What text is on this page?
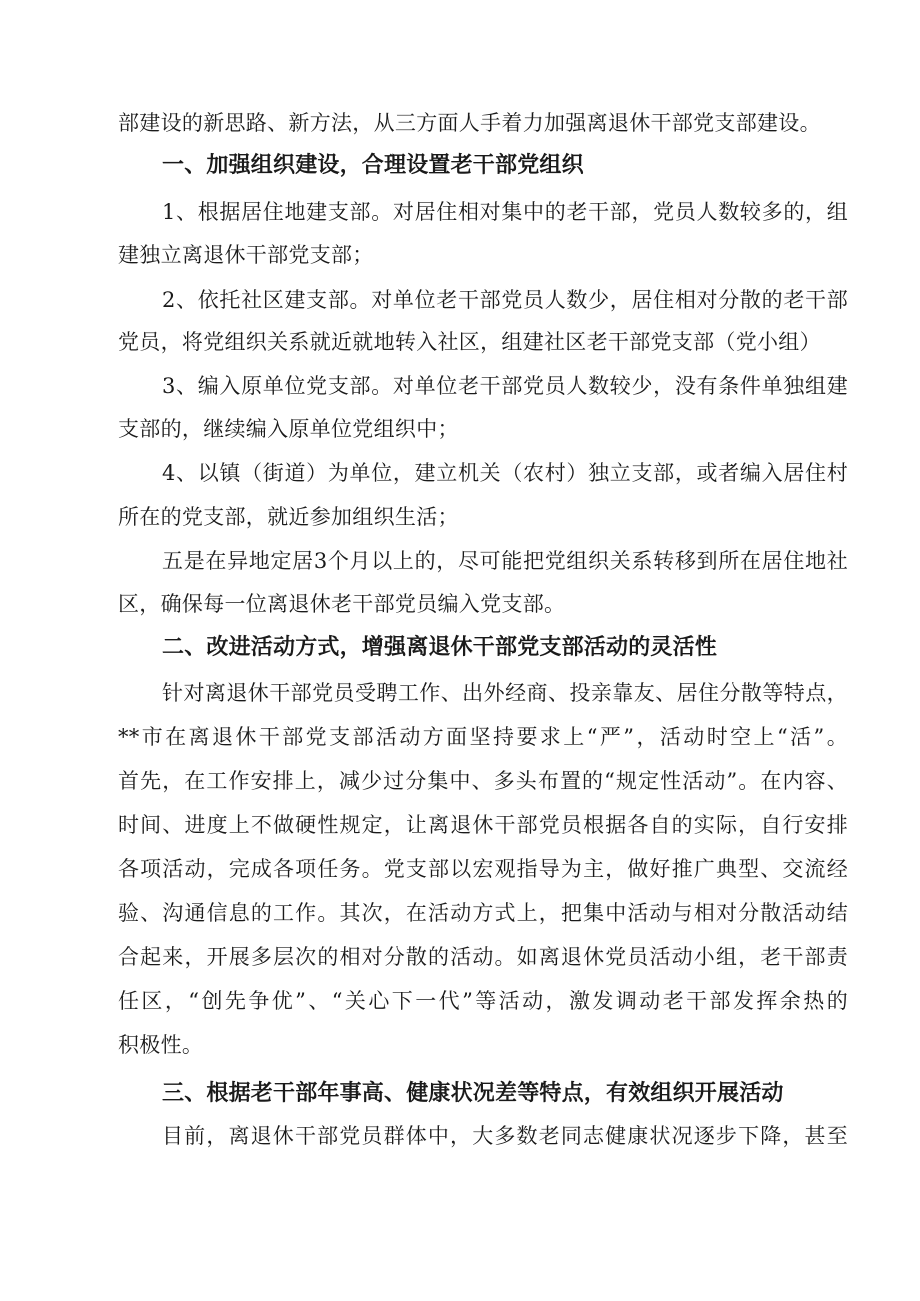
部建设的新思路、新方法，从三方面人手着力加强离退休干部党支部建设。

一、加强组织建设，合理设置老干部党组织

1、根据居住地建支部。对居住相对集中的老干部，党员人数较多的，组

建独立离退休干部党支部；

2、依托社区建支部。对单位老干部党员人数少，居住相对分散的老干部

党员，将党组织关系就近就地转入社区，组建社区老干部党支部（党小组）

3、编入原单位党支部。对单位老干部党员人数较少，没有条件单独组建

支部的，继续编入原单位党组织中；

4、以镇（街道）为单位，建立机关（农村）独立支部，或者编入居住村

所在的党支部，就近参加组织生活；

五是在异地定居3个月以上的，尽可能把党组织关系转移到所在居住地社

区，确保每一位离退休老干部党员编入党支部。

二、改进活动方式，增强离退休干部党支部活动的灵活性

针对离退休干部党员受聘工作、出外经商、投亲靠友、居住分散等特点，

**市在离退休干部党支部活动方面坚持要求上“严”，活动时空上“活”。

首先，在工作安排上，减少过分集中、多头布置的“规定性活动”。在内容、

时间、进度上不做硬性规定，让离退休干部党员根据各自的实际，自行安排

各项活动，完成各项任务。党支部以宏观指导为主，做好推广典型、交流经

验、沟通信息的工作。其次，在活动方式上，把集中活动与相对分散活动结

合起来，开展多层次的相对分散的活动。如离退休党员活动小组，老干部责

任区，“创先争优”、“关心下一代”等活动，激发调动老干部发挥余热的

积极性。

三、根据老干部年事高、健康状况差等特点，有效组织开展活动

目前，离退休干部党员群体中，大多数老同志健康状况逐步下降，甚至
